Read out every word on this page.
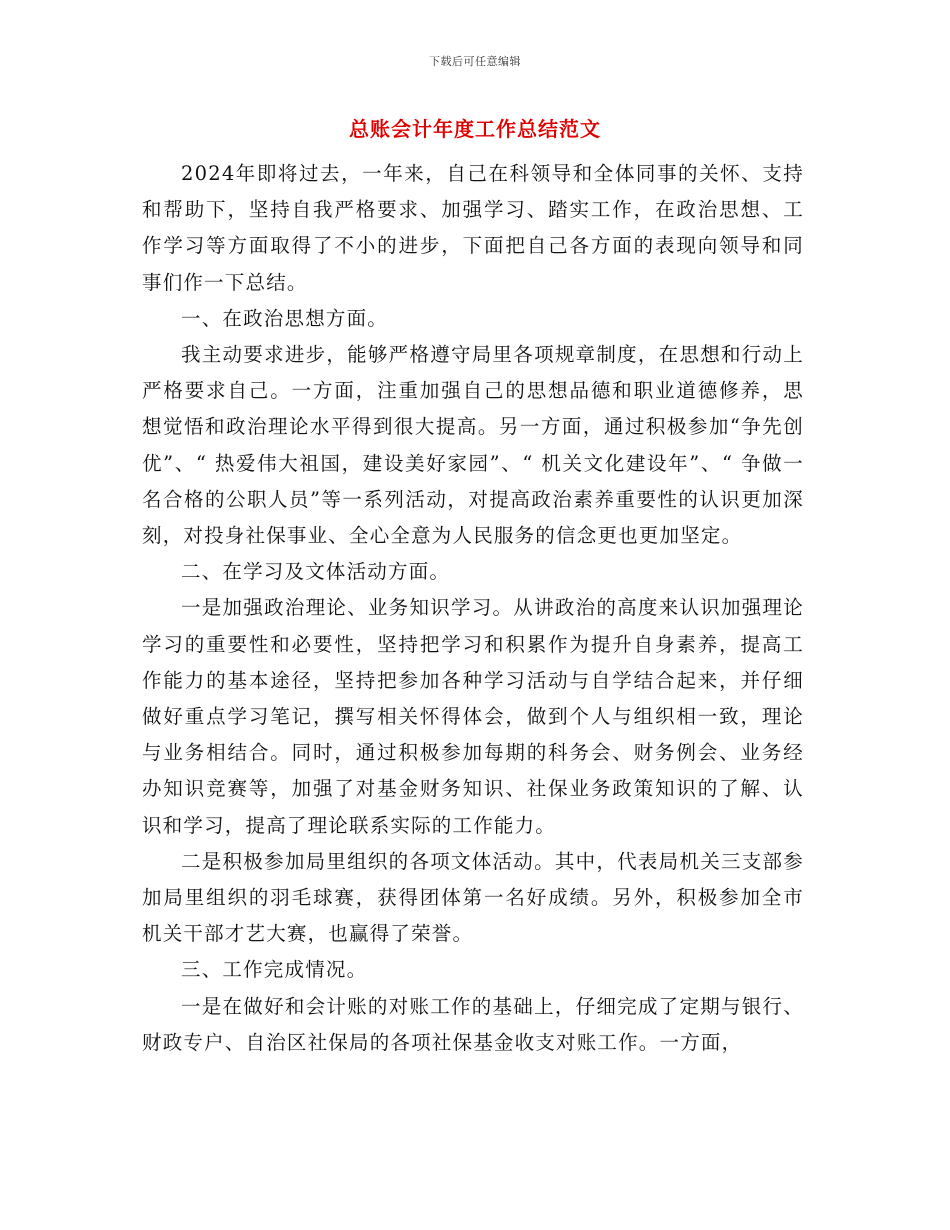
下载后可任意编辑
总账会计年度工作总结范文

2024年即将过去，一年来，自己在科领导和全体同事的关怀、支持和帮助下，坚持自我严格要求、加强学习、踏实工作，在政治思想、工作学习等方面取得了不小的进步，下面把自己各方面的表现向领导和同事们作一下总结。

一、在政治思想方面。

我主动要求进步，能够严格遵守局里各项规章制度，在思想和行动上严格要求自己。一方面，注重加强自己的思想品德和职业道德修养，思想觉悟和政治理论水平得到很大提高。另一方面，通过积极参加“争先创优”、“ 热爱伟大祖国，建设美好家园”、“ 机关文化建设年”、“ 争做一名合格的公职人员”等一系列活动，对提高政治素养重要性的认识更加深刻，对投身社保事业、全心全意为人民服务的信念更也更加坚定。

二、在学习及文体活动方面。

一是加强政治理论、业务知识学习。从讲政治的高度来认识加强理论学习的重要性和必要性，坚持把学习和积累作为提升自身素养，提高工作能力的基本途径，坚持把参加各种学习活动与自学结合起来，并仔细做好重点学习笔记，撰写相关怀得体会，做到个人与组织相一致，理论与业务相结合。同时，通过积极参加每期的科务会、财务例会、业务经办知识竞赛等，加强了对基金财务知识、社保业务政策知识的了解、认识和学习，提高了理论联系实际的工作能力。

二是积极参加局里组织的各项文体活动。其中，代表局机关三支部参加局里组织的羽毛球赛，获得团体第一名好成绩。另外，积极参加全市机关干部才艺大赛，也赢得了荣誉。

三、工作完成情况。

一是在做好和会计账的对账工作的基础上，仔细完成了定期与银行、财政专户、自治区社保局的各项社保基金收支对账工作。一方面，
